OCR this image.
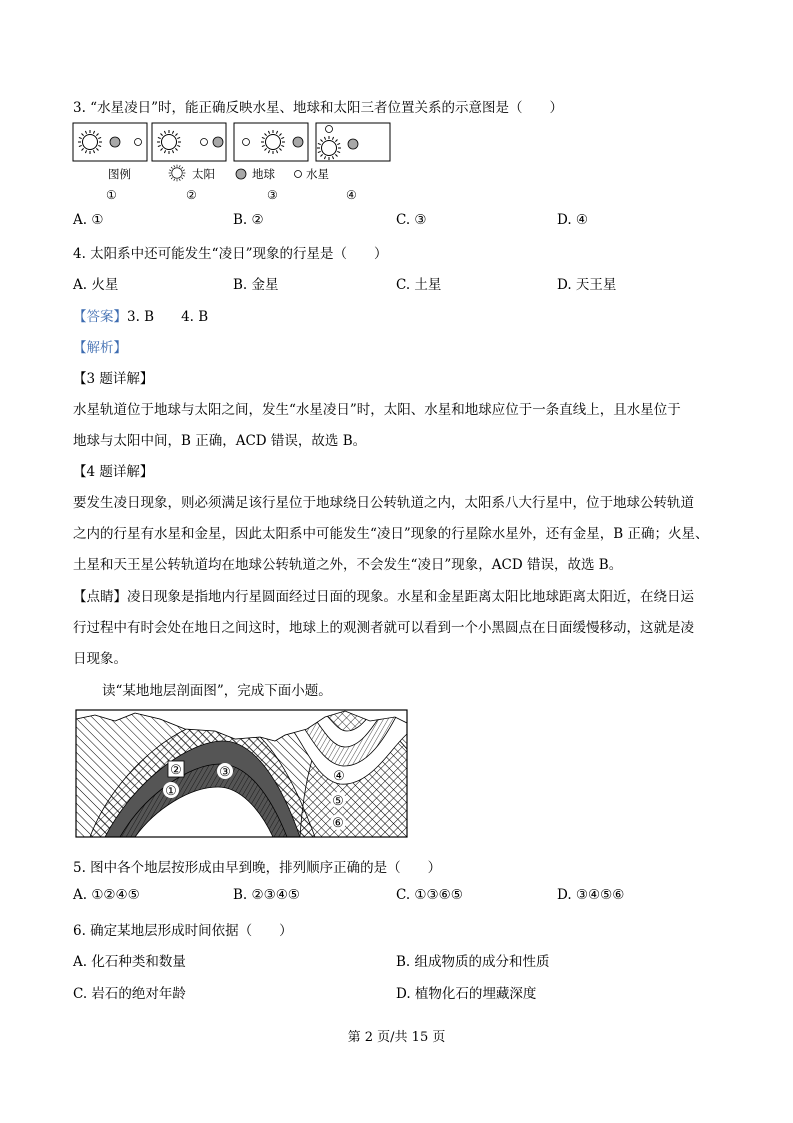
3. “水星凌日”时，能正确反映水星、地球和太阳三者位置关系的示意图是（　　）
图例	太阳	地球	水星
①	②	③	④
A. ①	B. ②	C. ③	D. ④
4. 太阳系中还可能发生“凌日”现象的行星是（　　）
A. 火星	B. 金星	C. 土星	D. 天王星
【答案】3. B　　4. B
【解析】
【3 题详解】
水星轨道位于地球与太阳之间，发生“水星凌日”时，太阳、水星和地球应位于一条直线上，且水星位于
地球与太阳中间，B 正确，ACD 错误，故选 B。
【4 题详解】
要发生凌日现象，则必须满足该行星位于地球绕日公转轨道之内，太阳系八大行星中，位于地球公转轨道
之内的行星有水星和金星，因此太阳系中可能发生“凌日”现象的行星除水星外，还有金星，B 正确；火星、
土星和天王星公转轨道均在地球公转轨道之外，不会发生“凌日”现象，ACD 错误，故选 B。
【点睛】凌日现象是指地内行星圆面经过日面的现象。水星和金星距离太阳比地球距离太阳近，在绕日运
行过程中有时会处在地日之间这时，地球上的观测者就可以看到一个小黑圆点在日面缓慢移动，这就是凌
日现象。
读“某地地层剖面图”，完成下面小题。
②	③
①
④
⑤
⑥
5. 图中各个地层按形成由早到晚，排列顺序正确的是（　　）
A. ①②④⑤	B. ②③④⑤	C. ①③⑥⑤	D. ③④⑤⑥
6. 确定某地层形成时间依据（　　）
A. 化石种类和数量	B. 组成物质的成分和性质
C. 岩石的绝对年龄	D. 植物化石的埋藏深度
第 2 页/共 15 页
